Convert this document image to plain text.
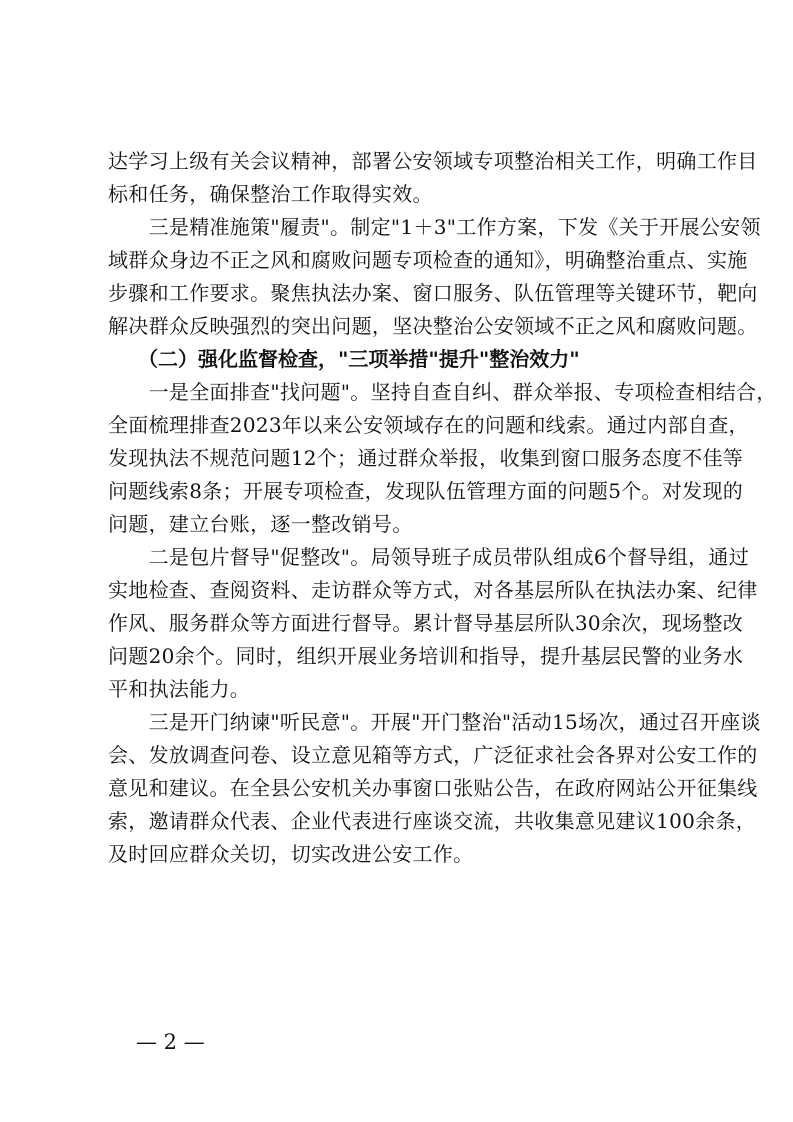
达学习上级有关会议精神，部署公安领域专项整治相关工作，明确工作目
标和任务，确保整治工作取得实效。
　　三是精准施策"履责"。制定"1＋3"工作方案，下发《关于开展公安领
域群众身边不正之风和腐败问题专项检查的通知》，明确整治重点、实施
步骤和工作要求。聚焦执法办案、窗口服务、队伍管理等关键环节，靶向
解决群众反映强烈的突出问题，坚决整治公安领域不正之风和腐败问题。
（二）强化监督检查，"三项举措"提升"整治效力"
　　一是全面排查"找问题"。坚持自查自纠、群众举报、专项检查相结合，
全面梳理排查2023年以来公安领域存在的问题和线索。通过内部自查，
发现执法不规范问题12个；通过群众举报，收集到窗口服务态度不佳等
问题线索8条；开展专项检查，发现队伍管理方面的问题5个。对发现的
问题，建立台账，逐一整改销号。
　　二是包片督导"促整改"。局领导班子成员带队组成6个督导组，通过
实地检查、查阅资料、走访群众等方式，对各基层所队在执法办案、纪律
作风、服务群众等方面进行督导。累计督导基层所队30余次，现场整改
问题20余个。同时，组织开展业务培训和指导，提升基层民警的业务水
平和执法能力。
　　三是开门纳谏"听民意"。开展"开门整治"活动15场次，通过召开座谈
会、发放调查问卷、设立意见箱等方式，广泛征求社会各界对公安工作的
意见和建议。在全县公安机关办事窗口张贴公告，在政府网站公开征集线
索，邀请群众代表、企业代表进行座谈交流，共收集意见建议100余条，
及时回应群众关切，切实改进公安工作。
— 2 —
